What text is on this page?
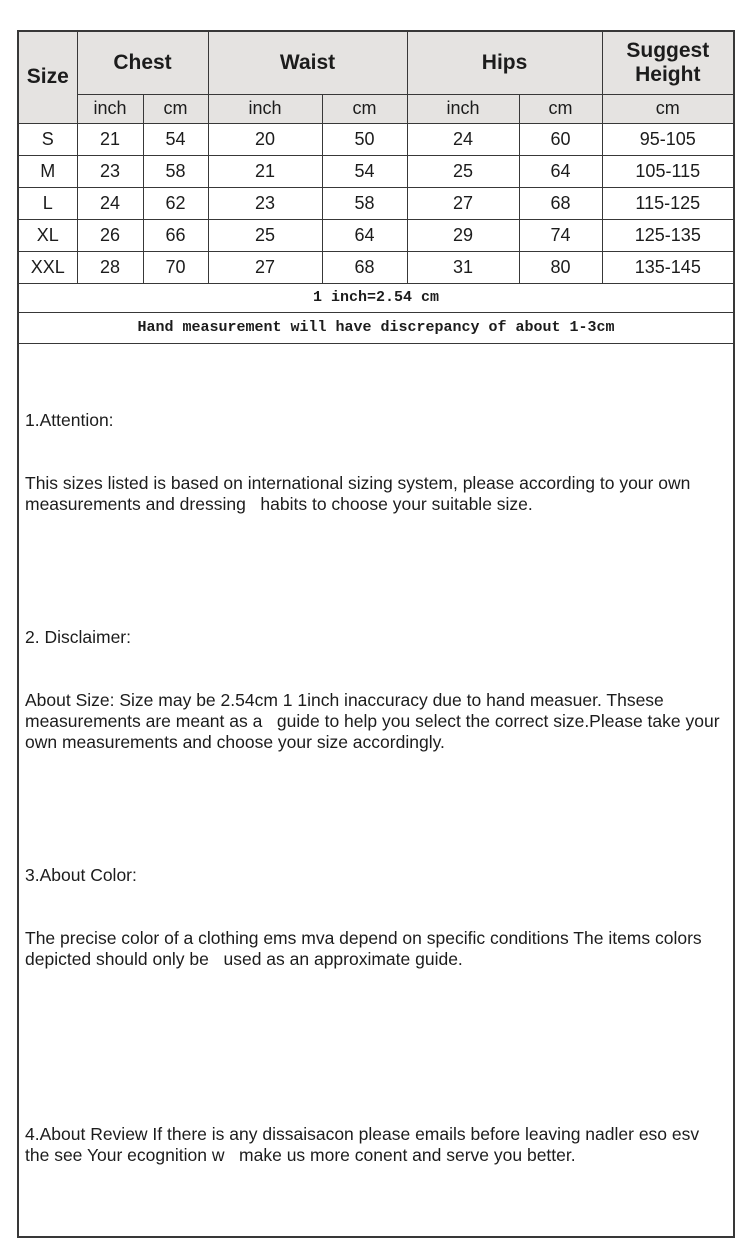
Size	Chest		Waist		Hips		Suggest Height
	inch	cm	inch	cm	inch	cm	cm
S	21	54	20	50	24	60	95-105
M	23	58	21	54	25	64	105-115
L	24	62	23	58	27	68	115-125
XL	26	66	25	64	29	74	125-135
XXL	28	70	27	68	31	80	135-145
1 inch=2.54 cm							
Hand measurement will have discrepancy of about 1-3cm							

1.Attention:

This sizes listed is based on international sizing system, please according to your own measurements and dressing   habits to choose your suitable size.

2. Disclaimer:

About Size: Size may be 2.54cm 1 1inch inaccuracy due to hand measuer. Thsese measurements are meant as a   guide to help you select the correct size.Please take your own measurements and choose your size accordingly.

3.About Color:

The precise color of a clothing ems mva depend on specific conditions The items colors depicted should only be   used as an approximate guide.

4.About Review If there is any dissaisacon please emails before leaving nadler eso esv the see Your ecognition w   make us more conent and serve you better.
